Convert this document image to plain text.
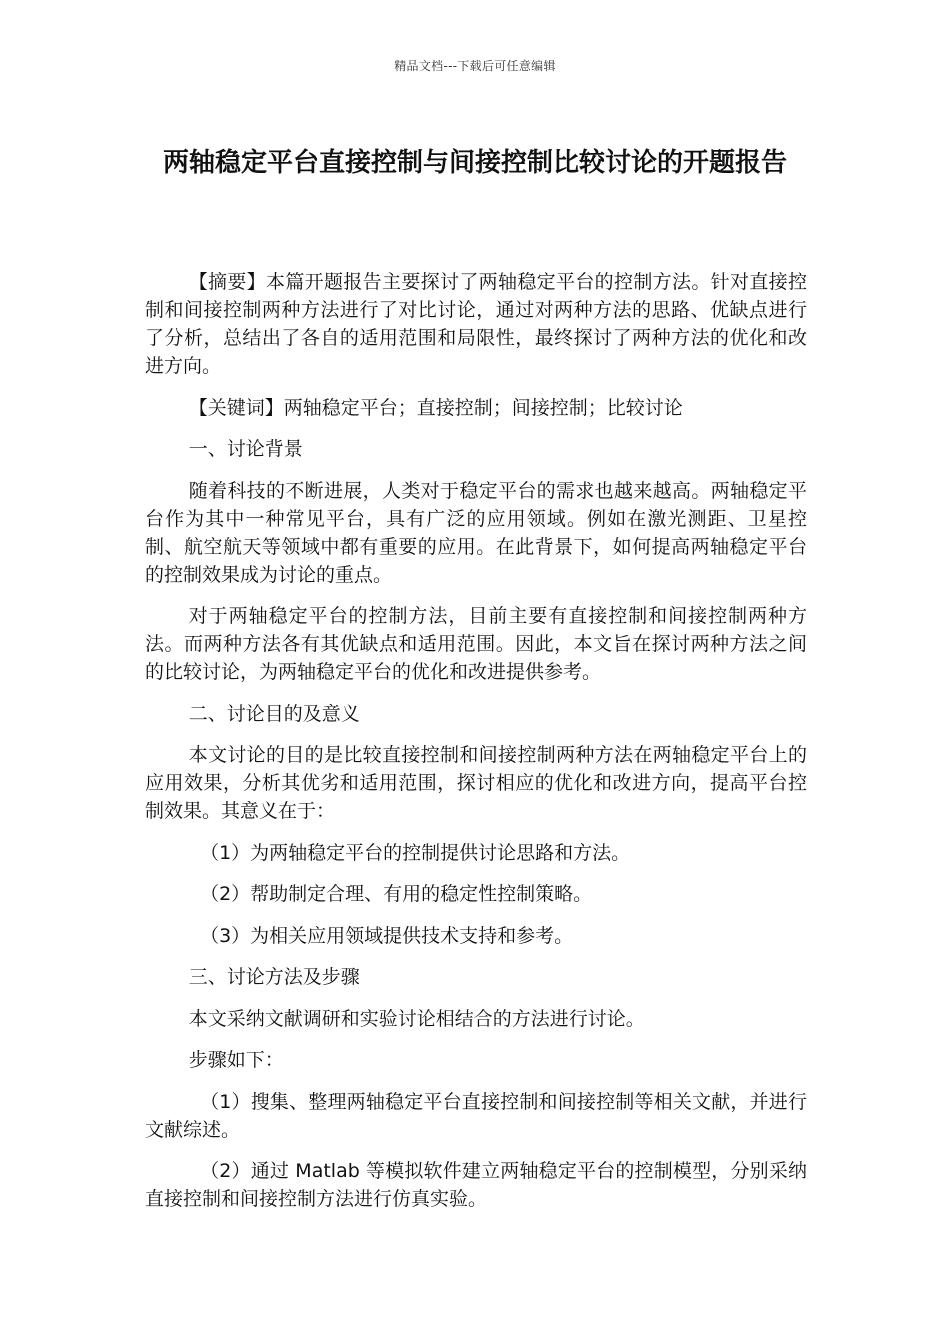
精品文档---下载后可任意编辑
两轴稳定平台直接控制与间接控制比较讨论的开题报告

【摘要】本篇开题报告主要探讨了两轴稳定平台的控制方法。针对直接控制和间接控制两种方法进行了对比讨论，通过对两种方法的思路、优缺点进行了分析，总结出了各自的适用范围和局限性，最终探讨了两种方法的优化和改进方向。

【关键词】两轴稳定平台；直接控制；间接控制；比较讨论

一、讨论背景

随着科技的不断进展，人类对于稳定平台的需求也越来越高。两轴稳定平台作为其中一种常见平台，具有广泛的应用领域。例如在激光测距、卫星控制、航空航天等领域中都有重要的应用。在此背景下，如何提高两轴稳定平台的控制效果成为讨论的重点。

对于两轴稳定平台的控制方法，目前主要有直接控制和间接控制两种方法。而两种方法各有其优缺点和适用范围。因此，本文旨在探讨两种方法之间的比较讨论，为两轴稳定平台的优化和改进提供参考。

二、讨论目的及意义

本文讨论的目的是比较直接控制和间接控制两种方法在两轴稳定平台上的应用效果，分析其优劣和适用范围，探讨相应的优化和改进方向，提高平台控制效果。其意义在于：

（1）为两轴稳定平台的控制提供讨论思路和方法。

（2）帮助制定合理、有用的稳定性控制策略。

（3）为相关应用领域提供技术支持和参考。

三、讨论方法及步骤

本文采纳文献调研和实验讨论相结合的方法进行讨论。

步骤如下：

（1）搜集、整理两轴稳定平台直接控制和间接控制等相关文献，并进行文献综述。

（2）通过 Matlab 等模拟软件建立两轴稳定平台的控制模型，分别采纳直接控制和间接控制方法进行仿真实验。
